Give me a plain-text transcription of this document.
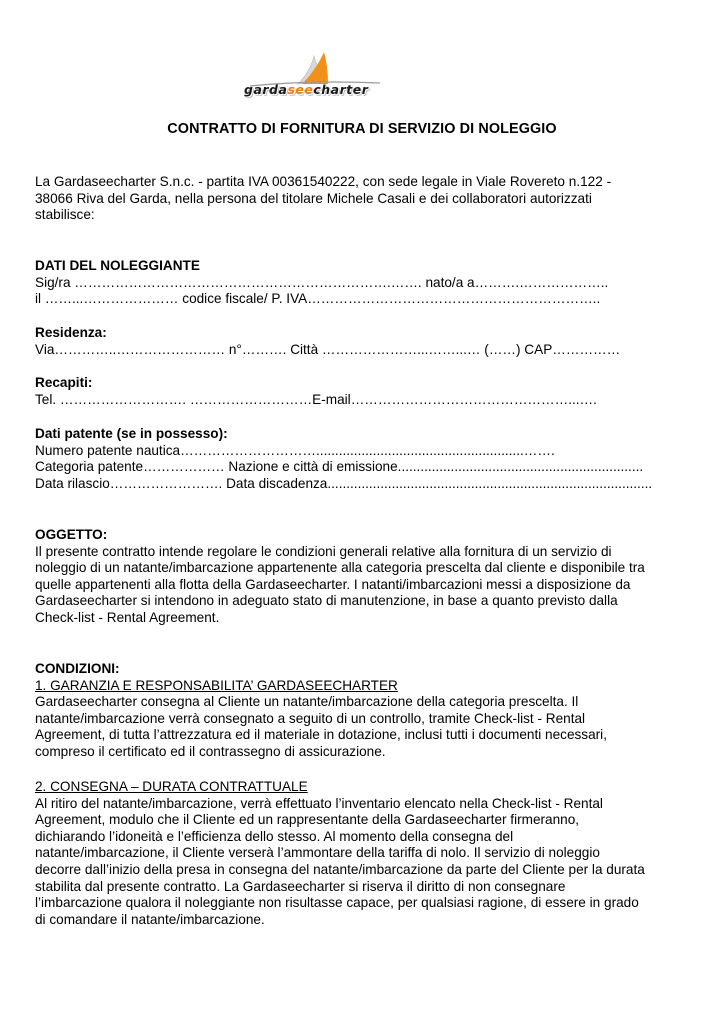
gardaseecharter
CONTRATTO DI FORNITURA DI SERVIZIO DI NOLEGGIO
La Gardaseecharter S.n.c. - partita IVA 00361540222, con sede legale in Viale Rovereto n.122 -
38066 Riva del Garda, nella persona del titolare Michele Casali e dei collaboratori autorizzati
stabilisce:
DATI DEL NOLEGGIANTE
Sig/ra …………………………………………………………….……. nato/a a……….………………..
il ……...………………… codice fiscale/ P. IVA………………………………………………………..
Residenza:
Via…………..…………………… n°………. Città …………………...……...… (……) CAP……………
Recapiti:
Tel. ………………………. ………………………E-mail…………………………………………...….
Dati patente (se in possesso):
Numero patente nautica………………………….......................................................…….
Categoria patente……………… Nazione e città di emissione.................................................................
Data rilascio……………………. Data discadenza......................................................................................
OGGETTO:
Il presente contratto intende regolare le condizioni generali relative alla fornitura di un servizio di
noleggio di un natante/imbarcazione appartenente alla categoria prescelta dal cliente e disponibile tra
quelle appartenenti alla flotta della Gardaseecharter. I natanti/imbarcazioni messi a disposizione da
Gardaseecharter si intendono in adeguato stato di manutenzione, in base a quanto previsto dalla
Check-list - Rental Agreement.
CONDIZIONI:
1. GARANZIA E RESPONSABILITA’ GARDASEECHARTER
Gardaseecharter consegna al Cliente un natante/imbarcazione della categoria prescelta. Il
natante/imbarcazione verrà consegnato a seguito di un controllo, tramite Check-list - Rental
Agreement, di tutta l’attrezzatura ed il materiale in dotazione, inclusi tutti i documenti necessari,
compreso il certificato ed il contrassegno di assicurazione.
2. CONSEGNA – DURATA CONTRATTUALE
Al ritiro del natante/imbarcazione, verrà effettuato l’inventario elencato nella Check-list - Rental
Agreement, modulo che il Cliente ed un rappresentante della Gardaseecharter firmeranno,
dichiarando l’idoneità e l’efficienza dello stesso. Al momento della consegna del
natante/imbarcazione, il Cliente verserà l’ammontare della tariffa di nolo. Il servizio di noleggio
decorre dall’inizio della presa in consegna del natante/imbarcazione da parte del Cliente per la durata
stabilita dal presente contratto. La Gardaseecharter si riserva il diritto di non consegnare
l’imbarcazione qualora il noleggiante non risultasse capace, per qualsiasi ragione, di essere in grado
di comandare il natante/imbarcazione.
